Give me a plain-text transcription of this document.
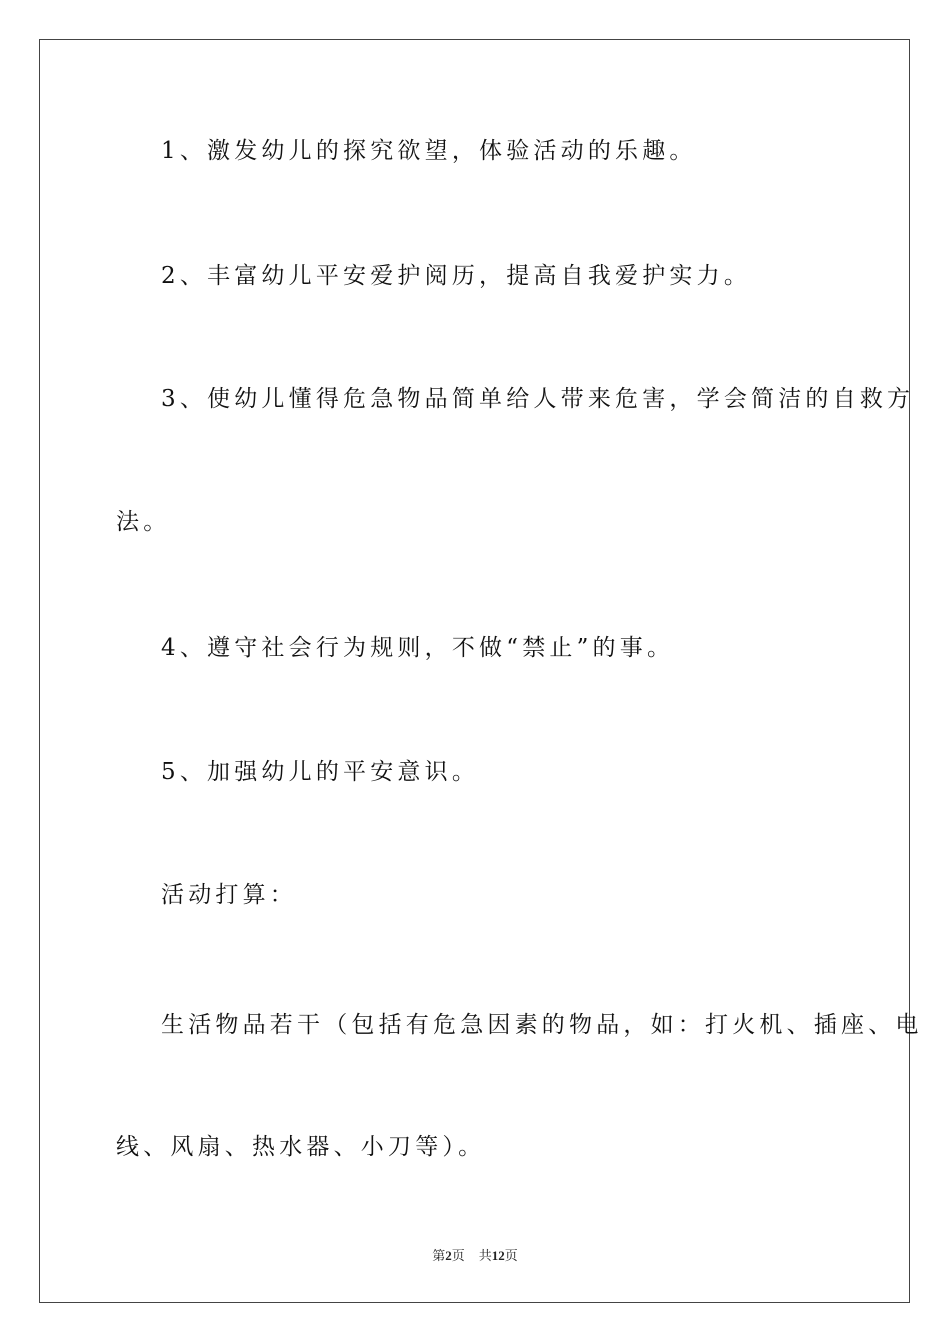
1、激发幼儿的探究欲望，体验活动的乐趣。
2、丰富幼儿平安爱护阅历，提高自我爱护实力。
3、使幼儿懂得危急物品简单给人带来危害，学会简洁的自救方
法。
4、遵守社会行为规则，不做“禁止”的事。
5、加强幼儿的平安意识。
活动打算：
生活物品若干（包括有危急因素的物品，如：打火机、插座、电
线、风扇、热水器、小刀等）。
第2页 共12页
